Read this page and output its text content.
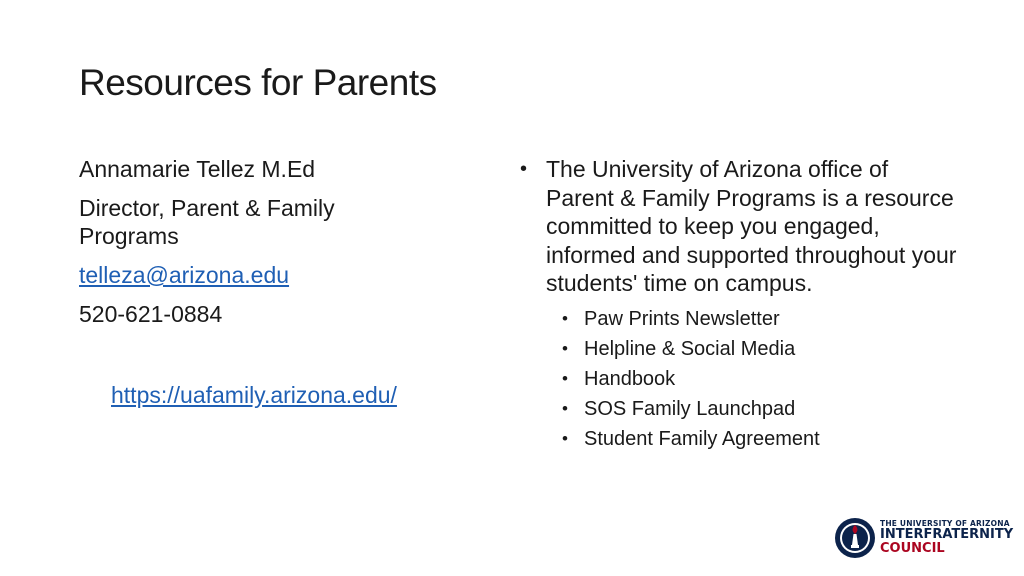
Resources for Parents
Annamarie Tellez M.Ed
Director, Parent & Family Programs
telleza@arizona.edu
520-621-0884
https://uafamily.arizona.edu/
• The University of Arizona office of Parent & Family Programs is a resource committed to keep you engaged, informed and supported throughout your students' time on campus.
• Paw Prints Newsletter
• Helpline & Social Media
• Handbook
• SOS Family Launchpad
• Student Family Agreement
THE UNIVERSITY OF ARIZONA
INTERFRATERNITY
COUNCIL
